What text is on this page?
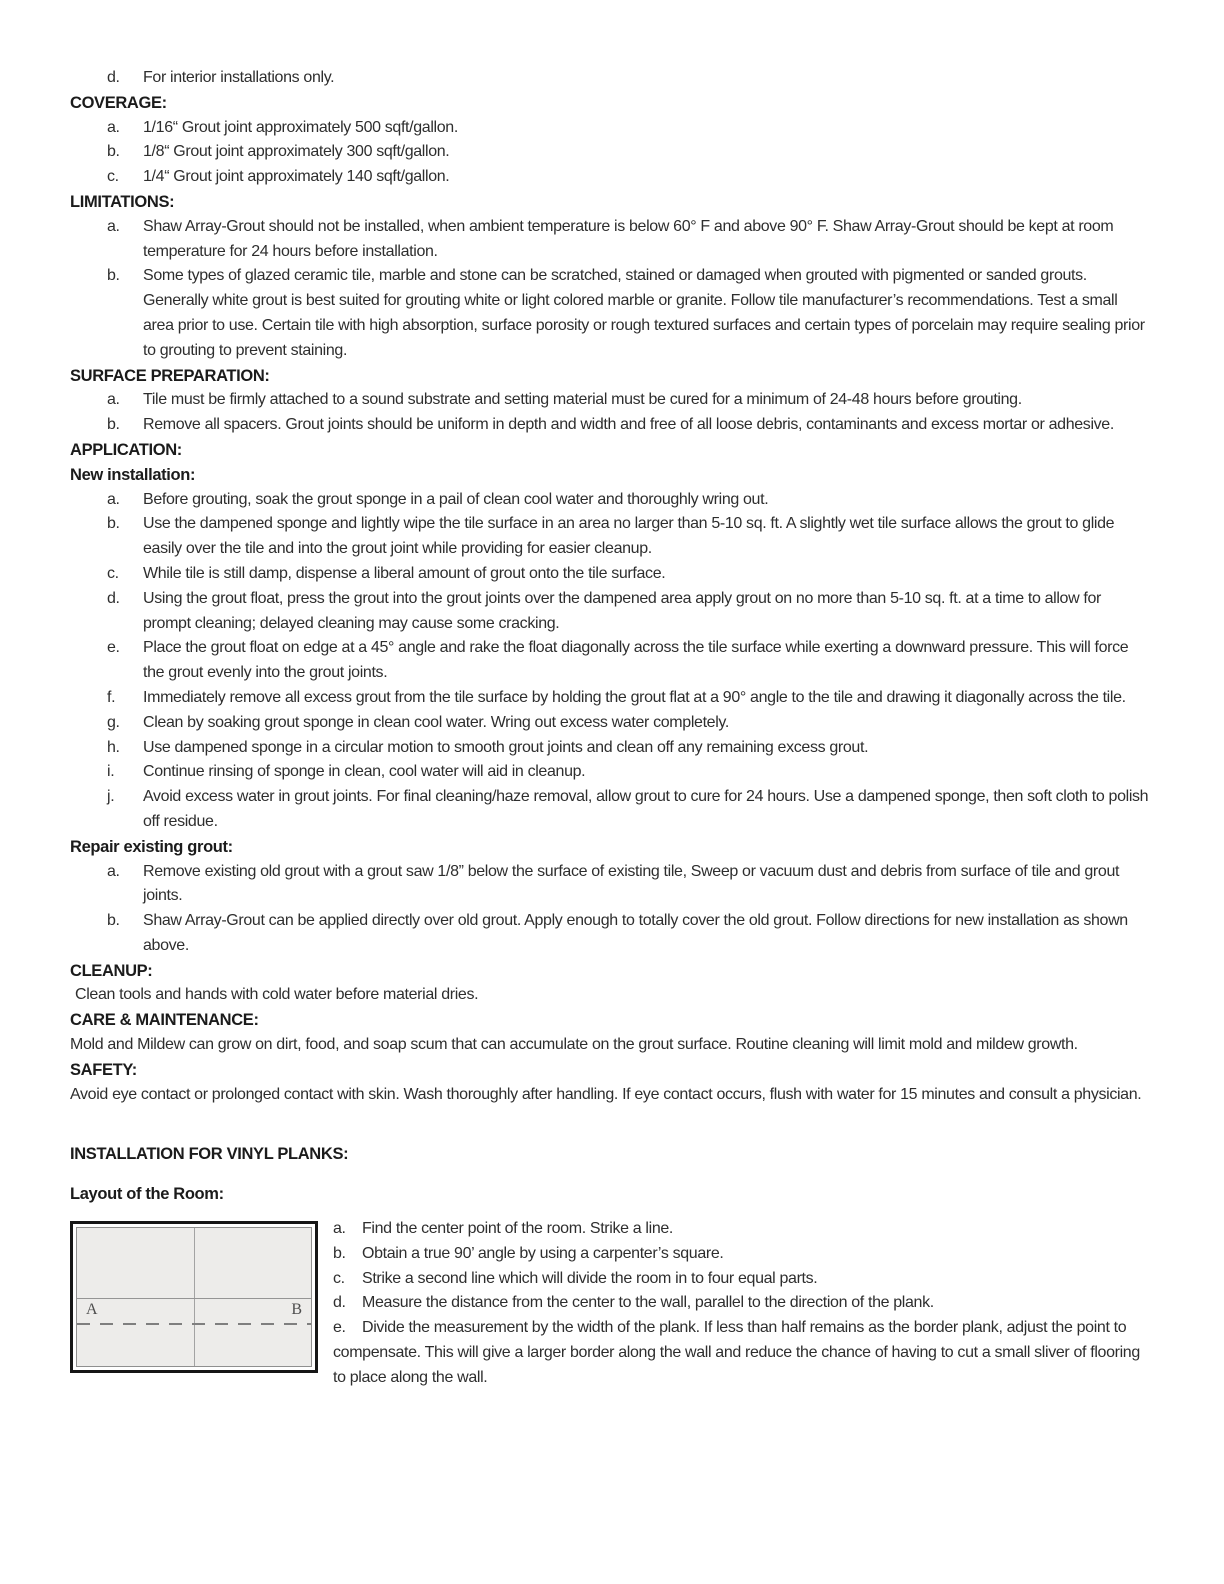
d.	For interior installations only.
COVERAGE:
a.	1/16“ Grout joint approximately 500 sqft/gallon.
b.	1/8“ Grout joint approximately 300 sqft/gallon.
c.	1/4“ Grout joint approximately 140 sqft/gallon.
LIMITATIONS:
a.	Shaw Array-Grout should not be installed, when ambient temperature is below 60° F and above 90° F. Shaw Array-Grout should be kept at room temperature for 24 hours before installation.
b.	Some types of glazed ceramic tile, marble and stone can be scratched, stained or damaged when grouted with pigmented or sanded grouts. Generally white grout is best suited for grouting white or light colored marble or granite. Follow tile manufacturer’s recommendations. Test a small area prior to use. Certain tile with high absorption, surface porosity or rough textured surfaces and certain types of porcelain may require sealing prior to grouting to prevent staining.
SURFACE PREPARATION:
a.	Tile must be firmly attached to a sound substrate and setting material must be cured for a minimum of 24-48 hours before grouting.
b.	Remove all spacers. Grout joints should be uniform in depth and width and free of all loose debris, contaminants and excess mortar or adhesive.
APPLICATION:
New installation:
a.	Before grouting, soak the grout sponge in a pail of clean cool water and thoroughly wring out.
b.	Use the dampened sponge and lightly wipe the tile surface in an area no larger than 5-10 sq. ft. A slightly wet tile surface allows the grout to glide easily over the tile and into the grout joint while providing for easier cleanup.
c.	While tile is still damp, dispense a liberal amount of grout onto the tile surface.
d.	Using the grout float, press the grout into the grout joints over the dampened area apply grout on no more than 5-10 sq. ft. at a time to allow for prompt cleaning; delayed cleaning may cause some cracking.
e.	Place the grout float on edge at a 45° angle and rake the float diagonally across the tile surface while exerting a downward pressure. This will force the grout evenly into the grout joints.
f.	Immediately remove all excess grout from the tile surface by holding the grout flat at a 90° angle to the tile and drawing it diagonally across the tile.
g.	Clean by soaking grout sponge in clean cool water. Wring out excess water completely.
h.	Use dampened sponge in a circular motion to smooth grout joints and clean off any remaining excess grout.
i.	Continue rinsing of sponge in clean, cool water will aid in cleanup.
j.	Avoid excess water in grout joints. For final cleaning/haze removal, allow grout to cure for 24 hours. Use a dampened sponge, then soft cloth to polish off residue.
Repair existing grout:
a.	Remove existing old grout with a grout saw 1/8” below the surface of existing tile, Sweep or vacuum dust and debris from surface of tile and grout joints.
b.	Shaw Array-Grout can be applied directly over old grout. Apply enough to totally cover the old grout. Follow directions for new installation as shown above.
CLEANUP:
Clean tools and hands with cold water before material dries.
CARE & MAINTENANCE:
Mold and Mildew can grow on dirt, food, and soap scum that can accumulate on the grout surface. Routine cleaning will limit mold and mildew growth.
SAFETY:
Avoid eye contact or prolonged contact with skin. Wash thoroughly after handling. If eye contact occurs, flush with water for 15 minutes and consult a physician.
INSTALLATION FOR VINYL PLANKS:
Layout of the Room:
A	B
a. Find the center point of the room. Strike a line.
b. Obtain a true 90’ angle by using a carpenter’s square.
c. Strike a second line which will divide the room in to four equal parts.
d. Measure the distance from the center to the wall, parallel to the direction of the plank.
e. Divide the measurement by the width of the plank. If less than half remains as the border plank, adjust the point to compensate. This will give a larger border along the wall and reduce the chance of having to cut a small sliver of flooring to place along the wall.
